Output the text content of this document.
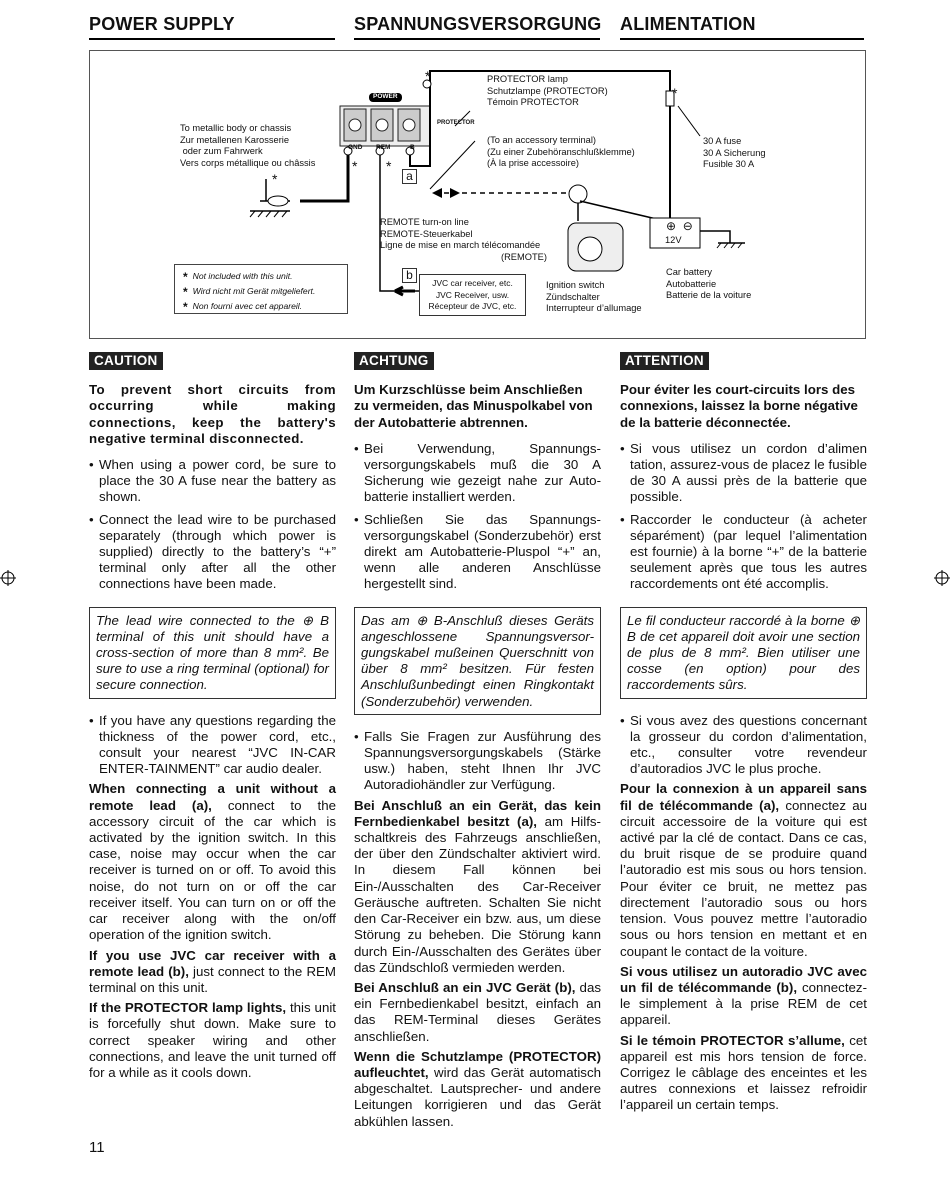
POWER SUPPLY	SPANNUNGSVERSORGUNG ALIMENTATION
POWER
PROTECTOR
GND REM	B
*
* *
*
*
PROTECTOR lamp
Schutzlampe (PROTECTOR)
Témoin PROTECTOR
To metallic body or chassis
Zur metallenen Karosserie
oder zum Fahrwerk
Vers corps métallique ou châssis
(To an accessory terminal)
(Zu einer Zubehöranschlußklemme)
(À la prise accessoire)
30 A fuse
30 A Sicherung
Fusible 30 A
a
REMOTE turn-on line
REMOTE-Steuerkabel
Ligne de mise en march télécomandée
(REMOTE)
12V
⊕  ⊖
Car battery
Autobatterie
Batterie de la voiture
Ignition switch
Zündschalter
Interrupteur d’allumage
b
JVC car receiver, etc.
JVC Receiver, usw.
Récepteur de JVC, etc.
* Not included with this unit.
* Wird nicht mit Gerät mitgeliefert.
* Non fourni avec cet appareil.
CAUTION

To prevent short circuits from occurring while making connections, keep the battery's negative terminal disconnected.

• When using a power cord, be sure to place the 30 A fuse near the battery as shown.

• Connect the lead wire to be purchased separately (through which power is supplied) directly to the battery’s “+” terminal only after all the other connections have been made.

The lead wire connected to the ⊕ B terminal of this unit should have a cross-section of more than 8 mm². Be sure to use a ring terminal (optional) for secure connection.

• If you have any questions regarding the thickness of the power cord, etc., consult your nearest “JVC IN-CAR ENTER-TAINMENT” car audio dealer.

When connecting a unit without a remote lead (a), connect to the accessory circuit of the car which is activated by the ignition switch. In this case, noise may occur when the car receiver is turned on or off. To avoid this noise, do not turn on or off the car receiver itself. You can turn on or off the car receiver along with the on/off operation of the ignition switch.

If you use JVC car receiver with a remote lead (b), just connect to the REM terminal on this unit.

If the PROTECTOR lamp lights, this unit is forcefully shut down. Make sure to correct speaker wiring and other connections, and leave the unit turned off for a while as it cools down.

ACHTUNG

Um Kurzschlüsse beim Anschließen zu vermeiden, das Minuspolkabel von der Autobatterie abtrennen.

• Bei Verwendung, Spannungs-versorgungskabels muß die 30 A Sicherung wie gezeigt nahe zur Auto-batterie installiert werden.

• Schließen Sie das Spannungs-versorgungskabel (Sonderzubehör) erst direkt am Autobatterie-Pluspol “+” an, wenn alle anderen Anschlüsse hergestellt sind.

Das am ⊕ B-Anschluß dieses Geräts angeschlossene Spannungsversor-gungskabel mußeinen Querschnitt von über 8 mm² besitzen. Für festen Anschlußunbedingt einen Ringkontakt (Sonderzubehör) verwenden.

• Falls Sie Fragen zur Ausführung des Spannungsversorgungskabels (Stärke usw.) haben, steht Ihnen Ihr JVC Autoradiohändler zur Verfügung.

Bei Anschluß an ein Gerät, das kein Fernbedienkabel besitzt (a), am Hilfs-schaltkreis des Fahrzeugs anschließen, der über den Zündschalter aktiviert wird. In diesem Fall können bei Ein-/Ausschalten des Car-Receiver Geräusche auftreten. Schalten Sie nicht den Car-Receiver ein bzw. aus, um diese Störung zu beheben. Die Störung kann durch Ein-/Ausschalten des Gerätes über das Zündschloß vermieden werden.

Bei Anschluß an ein JVC Gerät (b), das ein Fernbedienkabel besitzt, einfach an das REM-Terminal dieses Gerätes anschließen.

Wenn die Schutzlampe (PROTECTOR) aufleuchtet, wird das Gerät automatisch abgeschaltet. Lautsprecher- und andere Leitungen korrigieren und das Gerät abkühlen lassen.

ATTENTION

Pour éviter les court-circuits lors des connexions, laissez la borne négative de la batterie déconnectée.

• Si vous utilisez un cordon d’alimen tation, assurez-vous de placez le fusible de 30 A aussi près de la batterie que possible.

• Raccorder le conducteur (à acheter séparément) (par lequel l’alimentation est fournie) à la borne “+” de la batterie seulement après que tous les autres raccordements ont été accomplis.

Le fil conducteur raccordé à la borne ⊕ B de cet appareil doit avoir une section de plus de 8 mm². Bien utiliser une cosse (en option) pour des raccordements sûrs.

• Si vous avez des questions concernant la grosseur du cordon d’alimentation, etc., consulter votre revendeur d’autoradios JVC le plus proche.

Pour la connexion à un appareil sans fil de télécommande (a), connectez au circuit accessoire de la voiture qui est activé par la clé de contact. Dans ce cas, du bruit risque de se produire quand l’autoradio est mis sous ou hors tension. Pour éviter ce bruit, ne mettez pas directement l’autoradio sous ou hors tension. Vous pouvez mettre l’autoradio sous ou hors tension en mettant et en coupant le contact de la voiture.

Si vous utilisez un autoradio JVC avec un fil de télécommande (b), connectez-le simplement à la prise REM de cet appareil.

Si le témoin PROTECTOR s’allume, cet appareil est mis hors tension de force. Corrigez le câblage des enceintes et les autres connexions et laissez refroidir l’appareil un certain temps.

11
